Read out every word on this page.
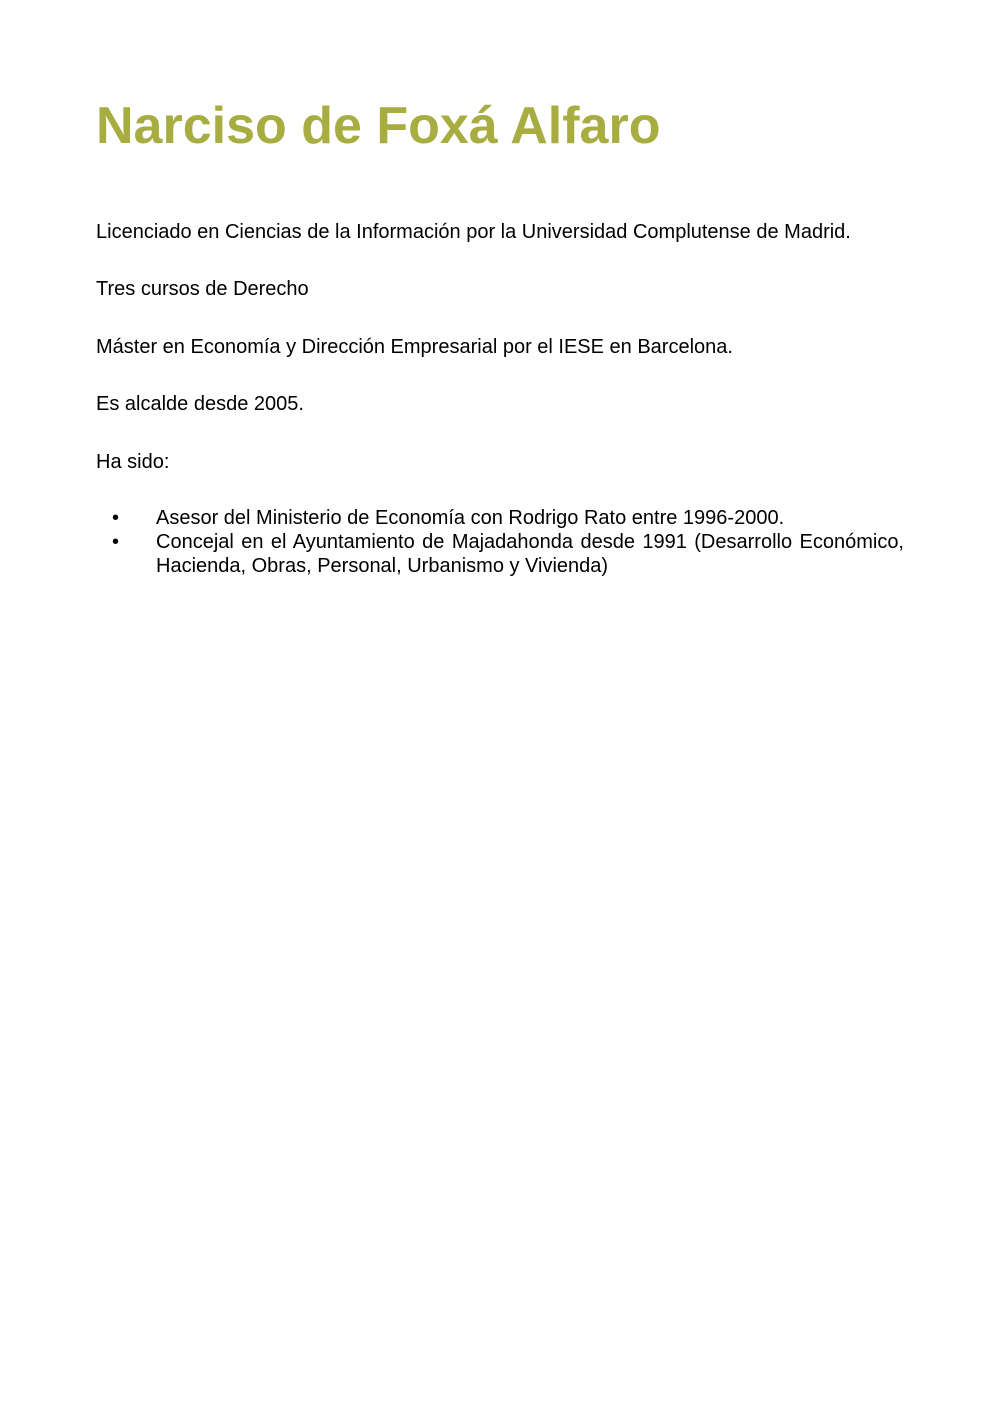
Narciso de Foxá Alfaro

Licenciado en Ciencias de la Información por la Universidad Complutense de Madrid.

Tres cursos de Derecho

Máster en Economía y Dirección Empresarial por el IESE en Barcelona.

Es alcalde desde 2005.

Ha sido:

•	Asesor del Ministerio de Economía con Rodrigo Rato entre 1996-2000.
•	Concejal en el Ayuntamiento de Majadahonda desde 1991 (Desarrollo Económico, Hacienda, Obras, Personal, Urbanismo y Vivienda)
